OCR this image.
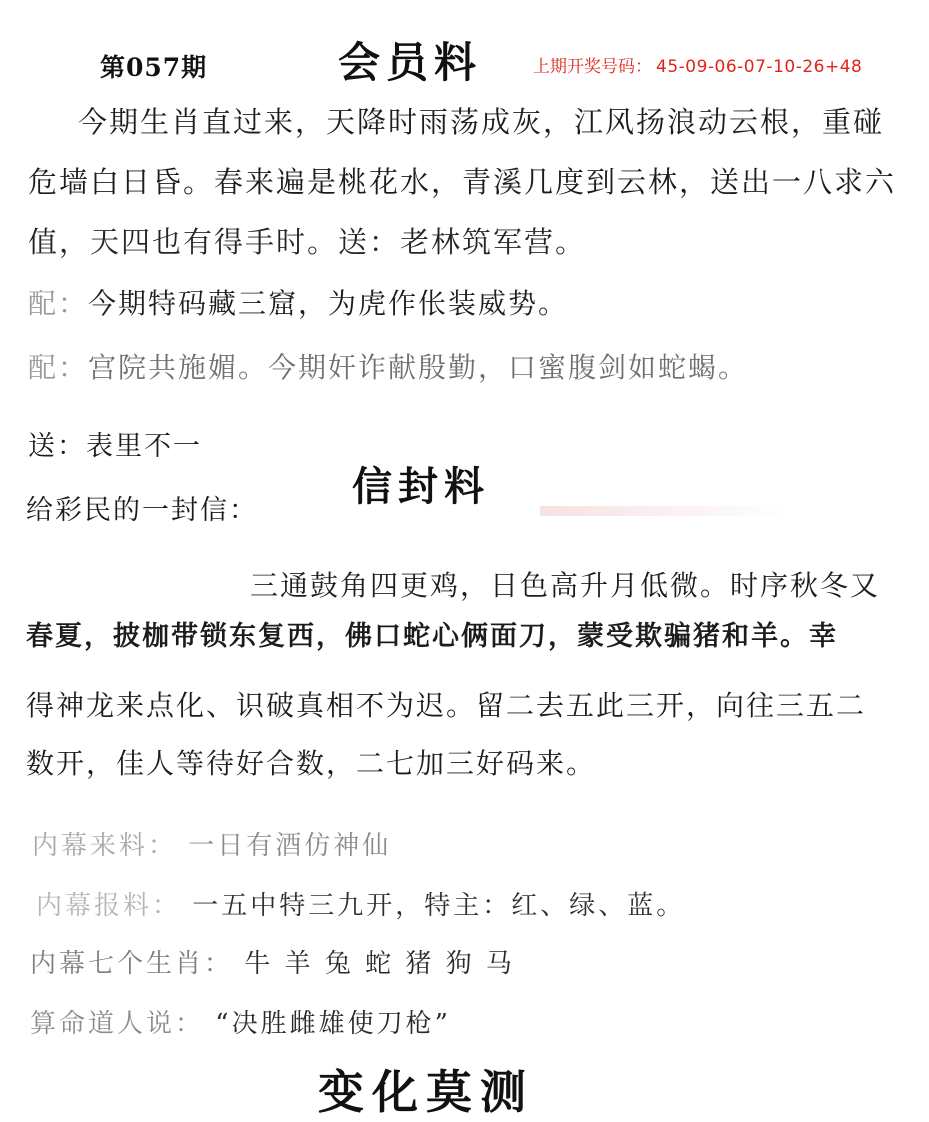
第057期	会员料	上期开奖号码： 45-09-06-07-10-26+48
今期生肖直过来，天降时雨荡成灰，江风扬浪动云根，重碰
危墙白日昏。春来遍是桃花水，青溪几度到云林，送出一八求六
值，天四也有得手时。送：老林筑军营。
配：今期特码藏三窟，为虎作伥装威势。
配：宫院共施媚。今期奸诈献殷勤，口蜜腹剑如蛇蝎。
送：表里不一
信封料
给彩民的一封信：
三通鼓角四更鸡，日色高升月低微。时序秋冬又
春夏，披枷带锁东复西，佛口蛇心俩面刀，蒙受欺骗猪和羊。幸
得神龙来点化、识破真相不为迟。留二去五此三开，向往三五二
数开，佳人等待好合数，二七加三好码来。
内幕来料： 一日有酒仿神仙
内幕报料： 一五中特三九开，特主：红、绿、蓝。
内幕七个生肖： 牛 羊 兔 蛇 猪 狗 马
算命道人说： “决胜雌雄使刀枪”
变化莫测
